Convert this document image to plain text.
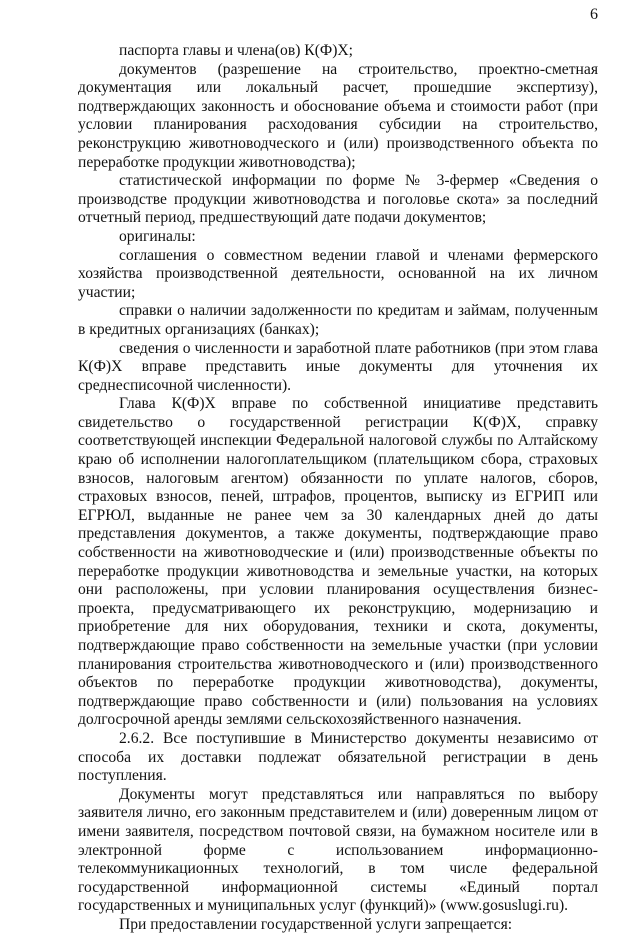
6

паспорта главы и члена(ов) К(Ф)Х;

документов (разрешение на строительство, проектно-сметная документация или локальный расчет, прошедшие экспертизу), подтверждающих законность и обоснование объема и стоимости работ (при условии планирования расходования субсидии на строительство, реконструкцию животноводческого и (или) производственного объекта по переработке продукции животноводства);

статистической информации по форме № 3-фермер «Сведения о производстве продукции животноводства и поголовье скота» за последний отчетный период, предшествующий дате подачи документов;

оригиналы:

соглашения о совместном ведении главой и членами фермерского хозяйства производственной деятельности, основанной на их личном участии;

справки о наличии задолженности по кредитам и займам, полученным в кредитных организациях (банках);

сведения о численности и заработной плате работников (при этом глава К(Ф)Х вправе представить иные документы для уточнения их среднесписочной численности).

Глава К(Ф)Х вправе по собственной инициативе представить свидетельство о государственной регистрации К(Ф)Х, справку соответствующей инспекции Федеральной налоговой службы по Алтайскому краю об исполнении налогоплательщиком (плательщиком сбора, страховых взносов, налоговым агентом) обязанности по уплате налогов, сборов, страховых взносов, пеней, штрафов, процентов, выписку из ЕГРИП или ЕГРЮЛ, выданные не ранее чем за 30 календарных дней до даты представления документов, а также документы, подтверждающие право собственности на животноводческие и (или) производственные объекты по переработке продукции животноводства и земельные участки, на которых они расположены, при условии планирования осуществления бизнес-проекта, предусматривающего их реконструкцию, модернизацию и приобретение для них оборудования, техники и скота, документы, подтверждающие право собственности на земельные участки (при условии планирования строительства животноводческого и (или) производственного объектов по переработке продукции животноводства), документы, подтверждающие право собственности и (или) пользования на условиях долгосрочной аренды землями сельскохозяйственного назначения.

2.6.2. Все поступившие в Министерство документы независимо от способа их доставки подлежат обязательной регистрации в день поступления.

Документы могут представляться или направляться по выбору заявителя лично, его законным представителем и (или) доверенным лицом от имени заявителя, посредством почтовой связи, на бумажном носителе или в электронной форме с использованием информационно-телекоммуникационных технологий, в том числе федеральной государственной информационной системы «Единый портал государственных и муниципальных услуг (функций)» (www.gosuslugi.ru).

При предоставлении государственной услуги запрещается:
